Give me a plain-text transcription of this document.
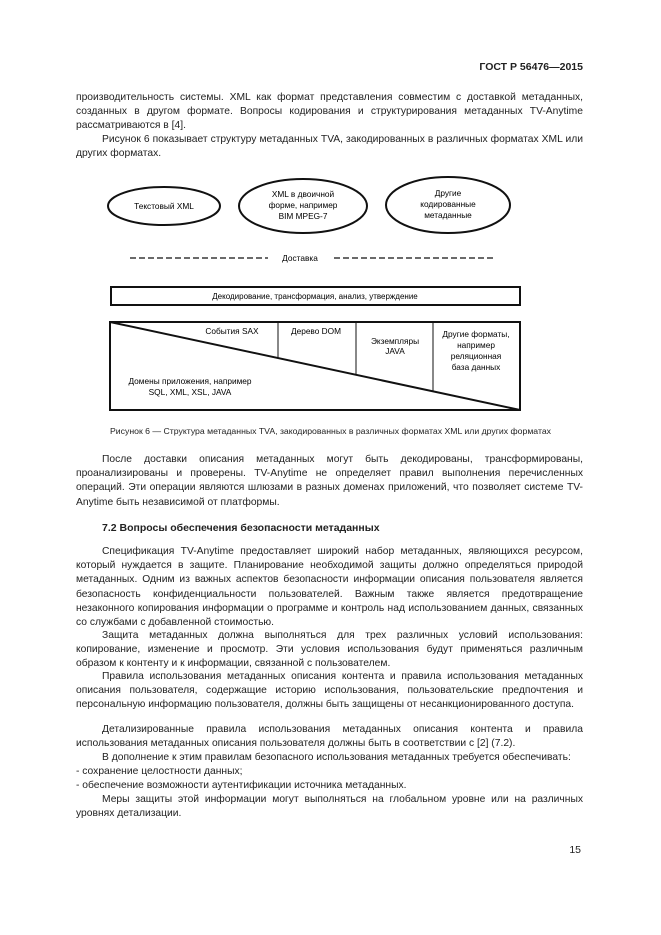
ГОСТ Р 56476—2015

производительность системы. XML как формат представления совместим с доставкой метаданных, созданных в другом формате. Вопросы кодирования и структурирования метаданных TV-Anytime рассматриваются в [4].

Рисунок 6 показывает структуру метаданных TVA, закодированных в различных форматах XML или других форматах.

Текстовый XML
XML в двоичной
форме, например
BIM MPEG-7
Другие
кодированные
метаданные
Доставка
Декодирование, трансформация, анализ, утверждение
События SAX	Дерево DOM
Экземпляры
JAVA
Другие форматы,
например
реляционная
база данных
Домены приложения, например
SQL, XML, XSL, JAVA
Рисунок 6 — Структура метаданных TVA, закодированных в различных форматах XML или других форматах

После доставки описания метаданных могут быть декодированы, трансформированы, проанализированы и проверены. TV-Anytime не определяет правил выполнения перечисленных операций. Эти операции являются шлюзами в разных доменах приложений, что позволяет системе TV-Anytime быть независимой от платформы.

7.2 Вопросы обеспечения безопасности метаданных

Спецификация TV-Anytime предоставляет широкий набор метаданных, являющихся ресурсом, который нуждается в защите. Планирование необходимой защиты должно определяться природой метаданных. Одним из важных аспектов безопасности информации описания пользователя является безопасность конфиденциальности пользователей. Важным также является предотвращение незаконного копирования информации о программе и контроль над использованием данных, связанных со службами с добавленной стоимостью.

Защита метаданных должна выполняться для трех различных условий использования: копирование, изменение и просмотр. Эти условия использования будут применяться различным образом к контенту и к информации, связанной с пользователем.

Правила использования метаданных описания контента и правила использования метаданных описания пользователя, содержащие историю использования, пользовательские предпочтения и персональную информацию пользователя, должны быть защищены от несанкционированного доступа.

Детализированные правила использования метаданных описания контента и правила использования метаданных описания пользователя должны быть в соответствии с [2] (7.2).

В дополнение к этим правилам безопасного использования метаданных требуется обеспечивать:

- сохранение целостности данных;
- обеспечение возможности аутентификации источника метаданных.

Меры защиты этой информации могут выполняться на глобальном уровне или на различных уровнях детализации.

15
